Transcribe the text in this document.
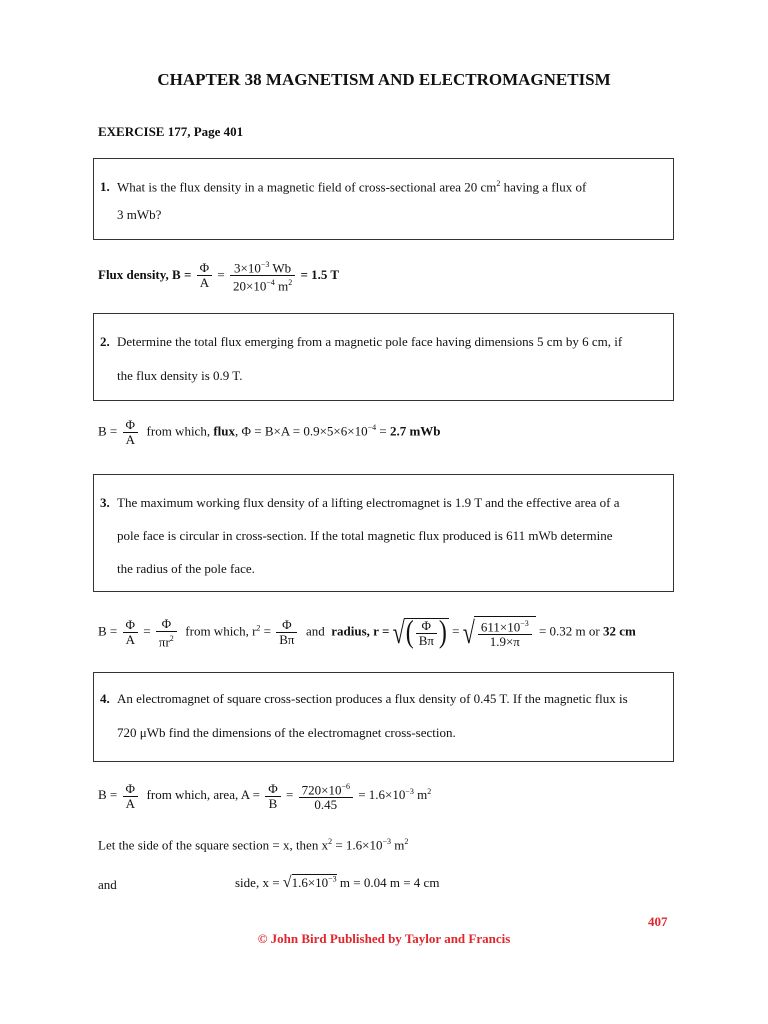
CHAPTER 38 MAGNETISM AND ELECTROMAGNETISM
EXERCISE 177, Page 401
1. What is the flux density in a magnetic field of cross-sectional area 20 $cm^2$ having a flux of
3 mWb?
Flux density, $B = \frac{\Phi}{A} = \frac{3\times 10^{-3} Wb}{20\times 10^{-4} m^2} = 1.5$ T
2. Determine the total flux emerging from a magnetic pole face having dimensions 5 cm by 6 cm, if
the flux density is 0.9 T.
$B = \frac{\Phi}{A}$ from which, flux, $\Phi = B\times A = 0.9\times 5\times 6\times 10^{-4} = 2.7$ mWb
3. The maximum working flux density of a lifting electromagnet is 1.9 T and the effective area of a
pole face is circular in cross-section. If the total magnetic flux produced is 611 mWb determine
the radius of the pole face.
$B = \frac{\Phi}{A} = \frac{\Phi}{\pi r^2}$ from which, $r^2 = \frac{\Phi}{B\pi}$ and radius, r = √( $\frac{\Phi}{B\pi}$ ) = √ $\frac{611\times 10^{-3}}{1.9\times\pi} = 0.32$ m or 32 cm
4. An electromagnet of square cross-section produces a flux density of 0.45 T. If the magnetic flux is
720 μWb find the dimensions of the electromagnet cross-section.
$B = \frac{\Phi}{A}$ from which, area, $A = \frac{\Phi}{B} = \frac{720\times 10^{-6}}{0.45} = 1.6\times 10^{-3}$ $m^2$
Let the side of the square section = x, then $x^2 = 1.6\times 10^{-3}$ $m^2$
and	side, $x = √1.6\times 10^{-3}$ m = 0.04 m = 4 cm
407
© John Bird Published by Taylor and Francis
